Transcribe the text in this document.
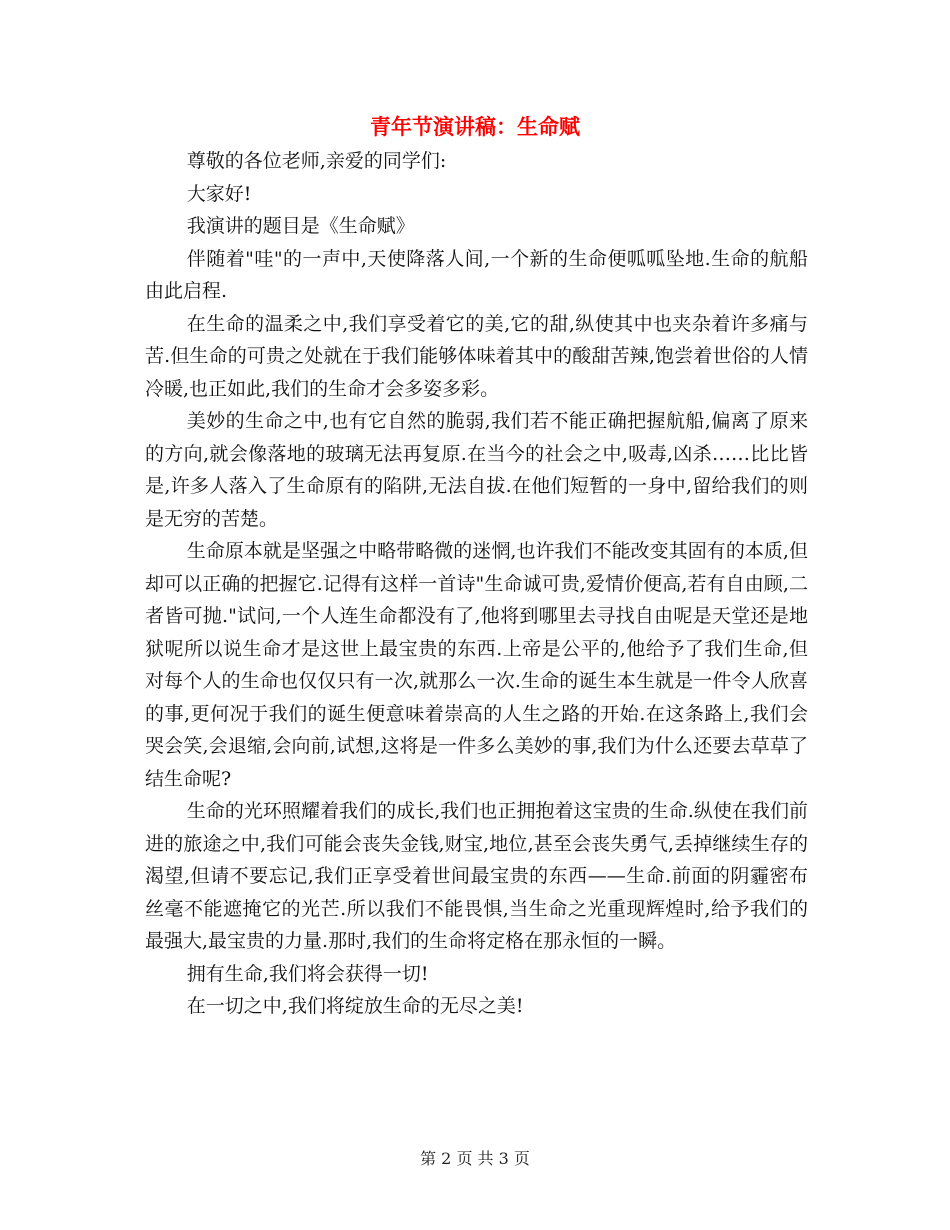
青年节演讲稿：生命赋

尊敬的各位老师,亲爱的同学们:

大家好!

我演讲的题目是《生命赋》

伴随着"哇"的一声中,天使降落人间,一个新的生命便呱呱坠地.生命的航船由此启程.

在生命的温柔之中,我们享受着它的美,它的甜,纵使其中也夹杂着许多痛与苦.但生命的可贵之处就在于我们能够体味着其中的酸甜苦辣,饱尝着世俗的人情冷暖,也正如此,我们的生命才会多姿多彩。

美妙的生命之中,也有它自然的脆弱,我们若不能正确把握航船,偏离了原来的方向,就会像落地的玻璃无法再复原.在当今的社会之中,吸毒,凶杀……比比皆是,许多人落入了生命原有的陷阱,无法自拔.在他们短暂的一身中,留给我们的则是无穷的苦楚。

生命原本就是坚强之中略带略微的迷惘,也许我们不能改变其固有的本质,但却可以正确的把握它.记得有这样一首诗"生命诚可贵,爱情价便高,若有自由顾,二者皆可抛."试问,一个人连生命都没有了,他将到哪里去寻找自由呢是天堂还是地狱呢所以说生命才是这世上最宝贵的东西.上帝是公平的,他给予了我们生命,但对每个人的生命也仅仅只有一次,就那么一次.生命的诞生本生就是一件令人欣喜的事,更何况于我们的诞生便意味着崇高的人生之路的开始.在这条路上,我们会哭会笑,会退缩,会向前,试想,这将是一件多么美妙的事,我们为什么还要去草草了结生命呢?

生命的光环照耀着我们的成长,我们也正拥抱着这宝贵的生命.纵使在我们前进的旅途之中,我们可能会丧失金钱,财宝,地位,甚至会丧失勇气,丢掉继续生存的渴望,但请不要忘记,我们正享受着世间最宝贵的东西——生命.前面的阴霾密布丝毫不能遮掩它的光芒.所以我们不能畏惧,当生命之光重现辉煌时,给予我们的最强大,最宝贵的力量.那时,我们的生命将定格在那永恒的一瞬。

拥有生命,我们将会获得一切!

在一切之中,我们将绽放生命的无尽之美!

第 2 页 共 3 页
